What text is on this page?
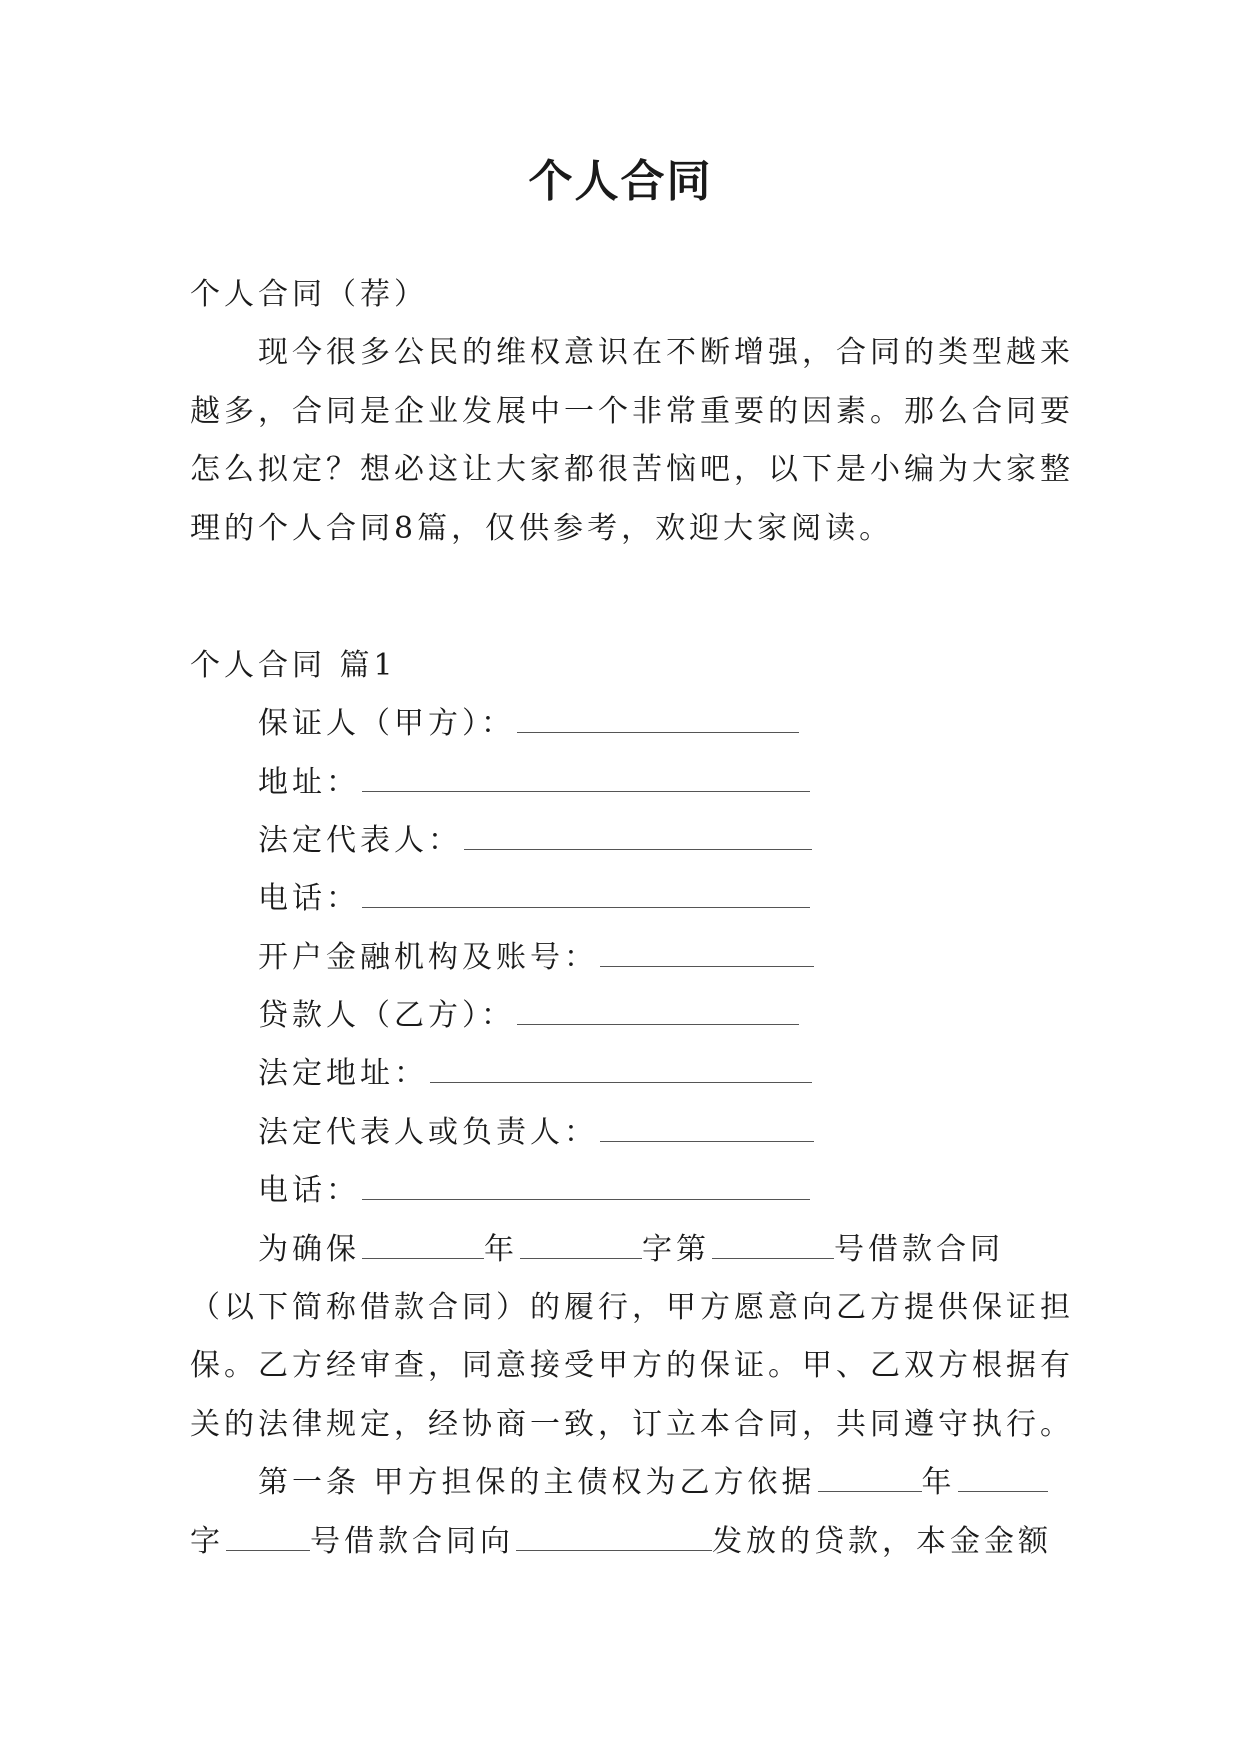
个人合同
个人合同（荐）
现今很多公民的维权意识在不断增强，合同的类型越来
越多，合同是企业发展中一个非常重要的因素。那么合同要
怎么拟定？想必这让大家都很苦恼吧，以下是小编为大家整
理的个人合同8篇，仅供参考，欢迎大家阅读。
个人合同 篇1
保证人（甲方）：
地址：
法定代表人：
电话：
开户金融机构及账号：
贷款人（乙方）：
法定地址：
法定代表人或负责人：
电话：
为确保	年	字第	号借款合同
（以下简称借款合同）的履行，甲方愿意向乙方提供保证担
保。乙方经审查，同意接受甲方的保证。甲、乙双方根据有
关的法律规定，经协商一致，订立本合同，共同遵守执行。
第一条 甲方担保的主债权为乙方依据	年
字	号借款合同向	发放的贷款，本金金额
